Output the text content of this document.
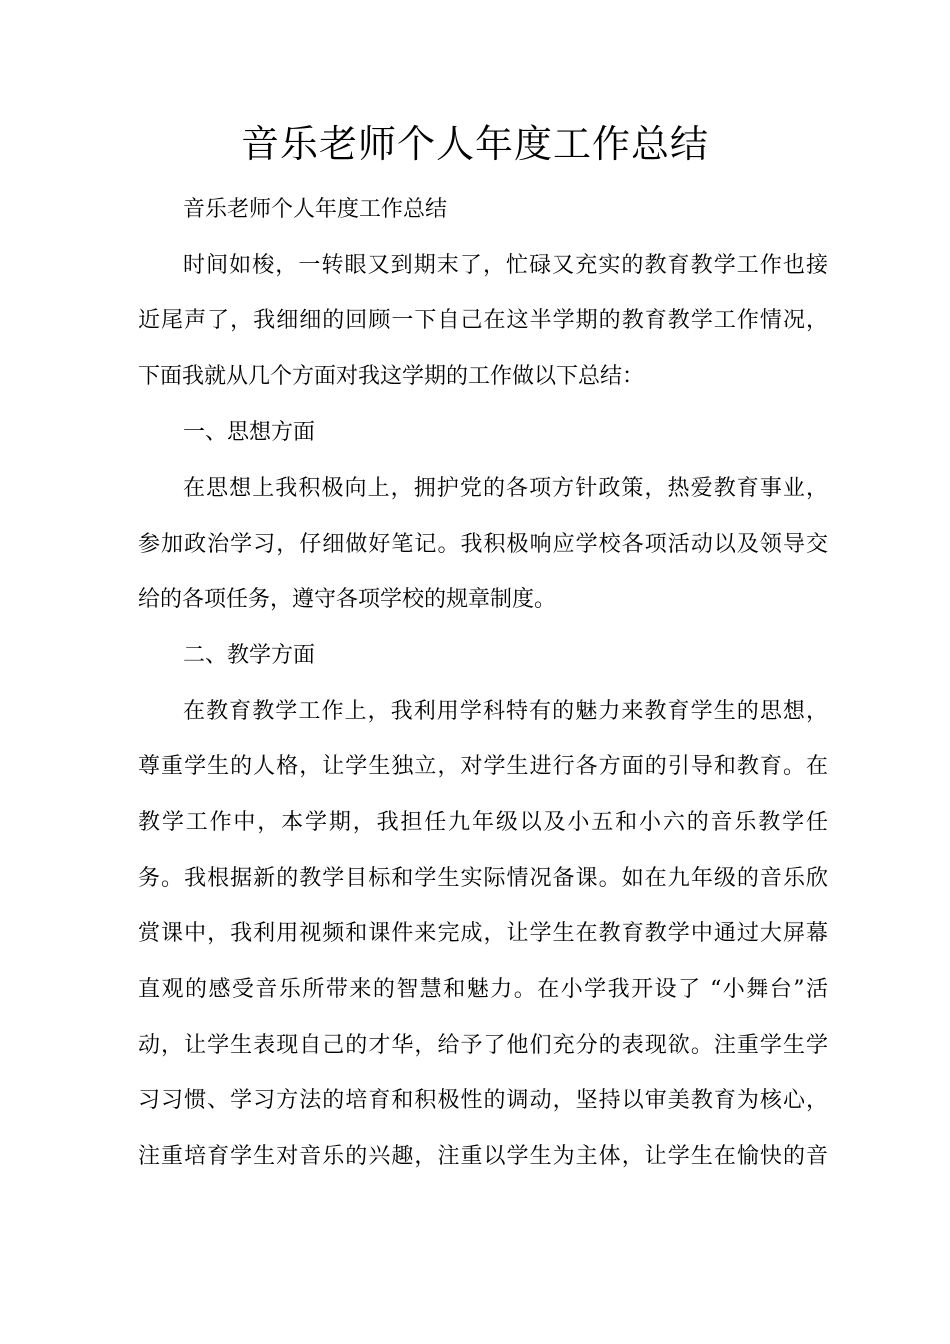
音乐老师个人年度工作总结
音乐老师个人年度工作总结
时间如梭，一转眼又到期末了，忙碌又充实的教育教学工作也接
近尾声了，我细细的回顾一下自己在这半学期的教育教学工作情况，
下面我就从几个方面对我这学期的工作做以下总结：
一、思想方面
在思想上我积极向上，拥护党的各项方针政策，热爱教育事业，
参加政治学习，仔细做好笔记。我积极响应学校各项活动以及领导交
给的各项任务，遵守各项学校的规章制度。
二、教学方面
在教育教学工作上，我利用学科特有的魅力来教育学生的思想，
尊重学生的人格，让学生独立，对学生进行各方面的引导和教育。在
教学工作中，本学期，我担任九年级以及小五和小六的音乐教学任
务。我根据新的教学目标和学生实际情况备课。如在九年级的音乐欣
赏课中，我利用视频和课件来完成，让学生在教育教学中通过大屏幕
直观的感受音乐所带来的智慧和魅力。在小学我开设了 “小舞台”活
动，让学生表现自己的才华，给予了他们充分的表现欲。注重学生学
习习惯、学习方法的培育和积极性的调动，坚持以审美教育为核心，
注重培育学生对音乐的兴趣，注重以学生为主体，让学生在愉快的音
